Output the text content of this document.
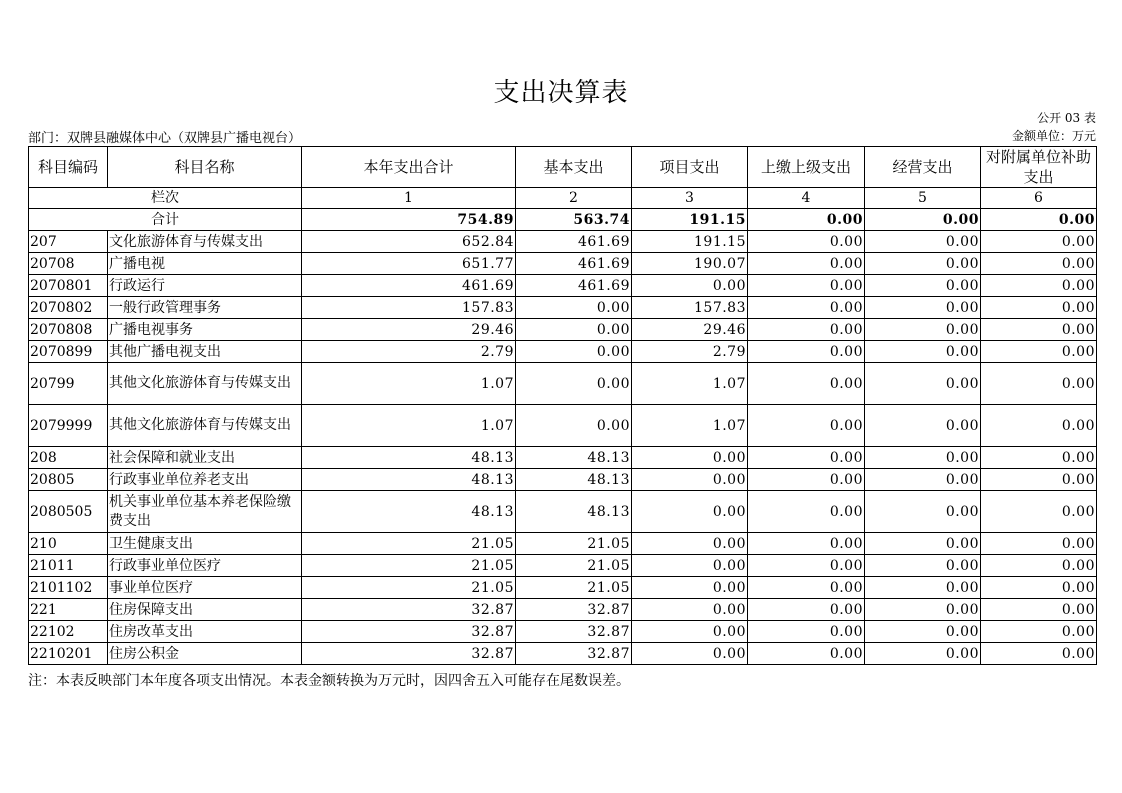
支出决算表
公开 03 表
部门：双牌县融媒体中心（双牌县广播电视台）	金额单位：万元
科目编码	科目名称	本年支出合计	基本支出	项目支出	上缴上级支出	经营支出	对附属单位补助支出
栏次		1	2	3	4	5	6
合计		754.89	563.74	191.15	0.00	0.00	0.00
207	文化旅游体育与传媒支出	652.84	461.69	191.15	0.00	0.00	0.00
20708	广播电视	651.77	461.69	190.07	0.00	0.00	0.00
2070801	行政运行	461.69	461.69	0.00	0.00	0.00	0.00
2070802	一般行政管理事务	157.83	0.00	157.83	0.00	0.00	0.00
2070808	广播电视事务	29.46	0.00	29.46	0.00	0.00	0.00
2070899	其他广播电视支出	2.79	0.00	2.79	0.00	0.00	0.00
20799	其他文化旅游体育与传媒支出	1.07	0.00	1.07	0.00	0.00	0.00
2079999	其他文化旅游体育与传媒支出	1.07	0.00	1.07	0.00	0.00	0.00
208	社会保障和就业支出	48.13	48.13	0.00	0.00	0.00	0.00
20805	行政事业单位养老支出	48.13	48.13	0.00	0.00	0.00	0.00
2080505	机关事业单位基本养老保险缴费支出	48.13	48.13	0.00	0.00	0.00	0.00
210	卫生健康支出	21.05	21.05	0.00	0.00	0.00	0.00
21011	行政事业单位医疗	21.05	21.05	0.00	0.00	0.00	0.00
2101102	事业单位医疗	21.05	21.05	0.00	0.00	0.00	0.00
221	住房保障支出	32.87	32.87	0.00	0.00	0.00	0.00
22102	住房改革支出	32.87	32.87	0.00	0.00	0.00	0.00
2210201	住房公积金	32.87	32.87	0.00	0.00	0.00	0.00
注：本表反映部门本年度各项支出情况。本表金额转换为万元时，因四舍五入可能存在尾数误差。
